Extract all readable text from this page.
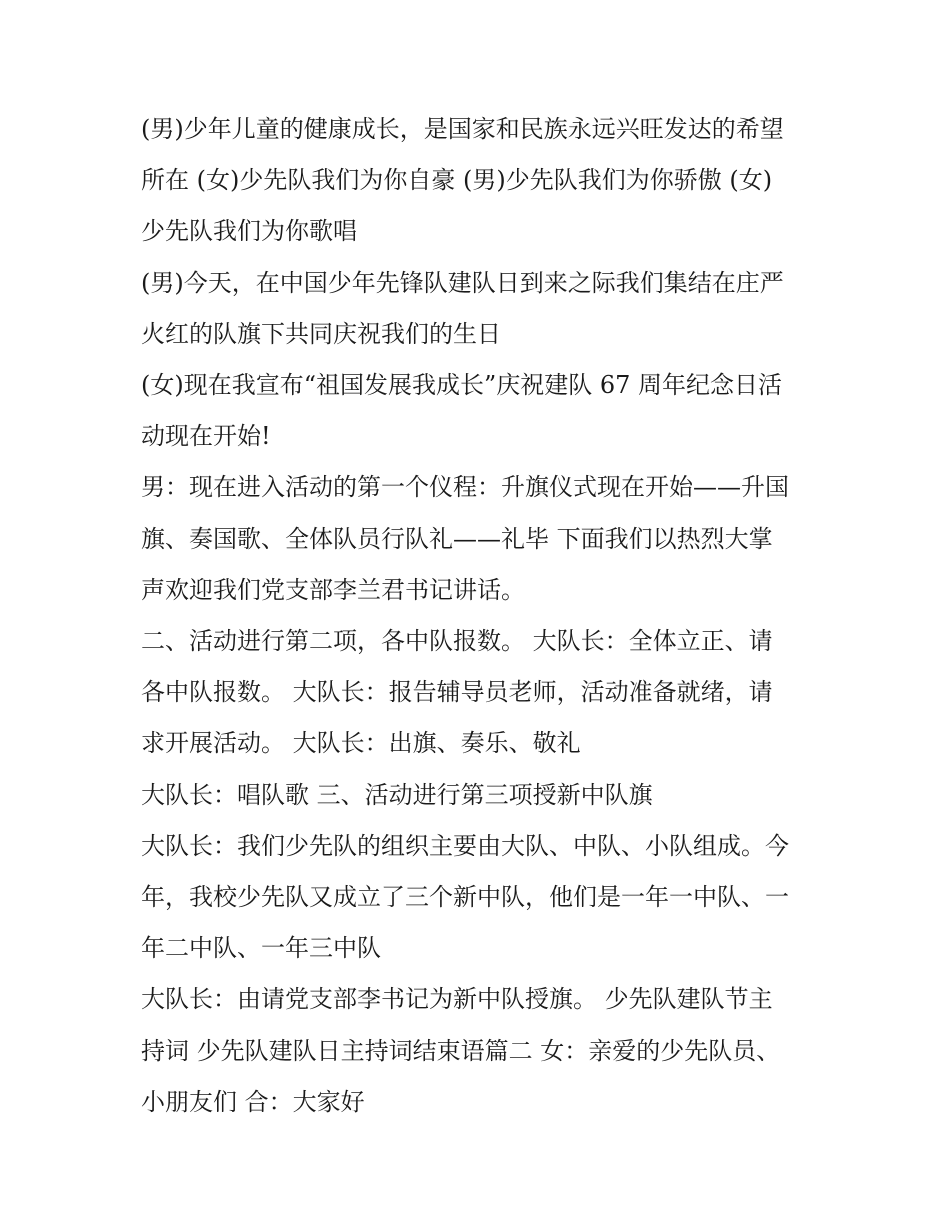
(男)少年儿童的健康成长，是国家和民族永远兴旺发达的希望
所在 (女)少先队我们为你自豪 (男)少先队我们为你骄傲 (女)
少先队我们为你歌唱

(男)今天，在中国少年先锋队建队日到来之际我们集结在庄严
火红的队旗下共同庆祝我们的生日

(女)现在我宣布“祖国发展我成长”庆祝建队 67 周年纪念日活
动现在开始!

男：现在进入活动的第一个仪程：升旗仪式现在开始——升国
旗、奏国歌、全体队员行队礼——礼毕 下面我们以热烈大掌
声欢迎我们党支部李兰君书记讲话。

二、活动进行第二项，各中队报数。 大队长：全体立正、请
各中队报数。 大队长：报告辅导员老师，活动准备就绪，请
求开展活动。 大队长：出旗、奏乐、敬礼

大队长：唱队歌 三、活动进行第三项授新中队旗

大队长：我们少先队的组织主要由大队、中队、小队组成。今
年，我校少先队又成立了三个新中队，他们是一年一中队、一
年二中队、一年三中队

大队长：由请党支部李书记为新中队授旗。 少先队建队节主
持词 少先队建队日主持词结束语篇二 女：亲爱的少先队员、
小朋友们 合：大家好
